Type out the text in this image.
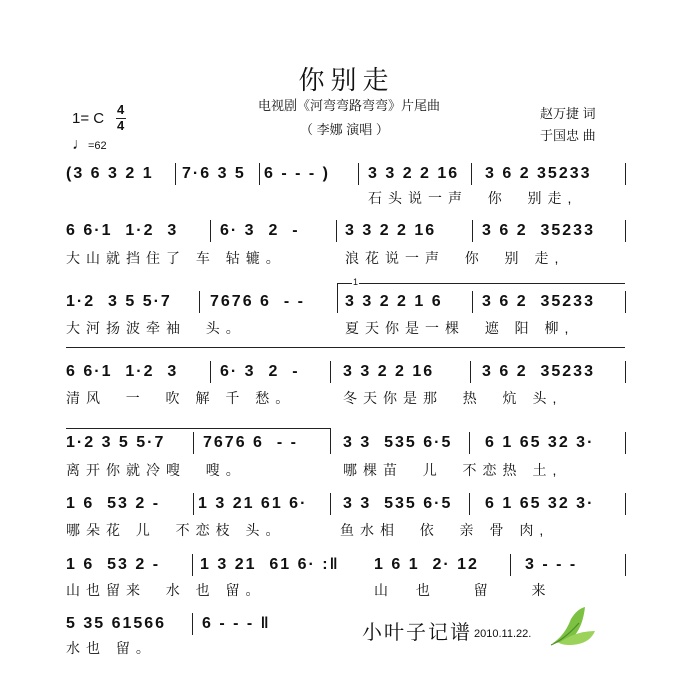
你别走
电视剧《河弯弯路弯弯》片尾曲
（ 李娜 演唱 ）
赵万捷 词
于国忠 曲
1= C
4
4
♩ =62
(3 6 3 2 1 7·6 3 5 6 - - - ) 3 3 2 2 16 3 6 2 35233
石头说一声  你  别走,
6 6·1  1·2  3	6· 3  2  -	3 3 2 2 16	3 6 2  35233
大山就挡住了 车 轱辘。	浪花说一声  你  别 走,
1
1·2  3 5 5·7 7676 6  - -	3 3 2 2 1 6 3 6 2  35233
大河扬波牵袖  头。	夏天你是一棵  遮 阳 柳,
6 6·1  1·2  3	6· 3  2  -	3 3 2 2 16	3 6 2  35233
清风  一  吹 解 千 愁。	冬天你是那  热  炕 头,
1·2 3 5 5·7 7676 6  - -	3 3  535 6·5 6 1 65 32 3·
离开你就冷嗖  嗖。	哪棵苗  儿  不恋热 土,
1 6  53 2 - 1 3 21 61 6· 3 3  535 6·5 6 1 65 32 3·
哪朵花 儿  不恋枝 头。	鱼水相  依  亲 骨 肉,
1 6  53 2 - 1 3 21  61 6· :‖ 1 6 1  2· 12	3 - - -
山也留来  水 也 留。	山 也  留  来
5 35 61566 6 - - - ‖
水也 留。
小叶子记谱 2010.11.22.
